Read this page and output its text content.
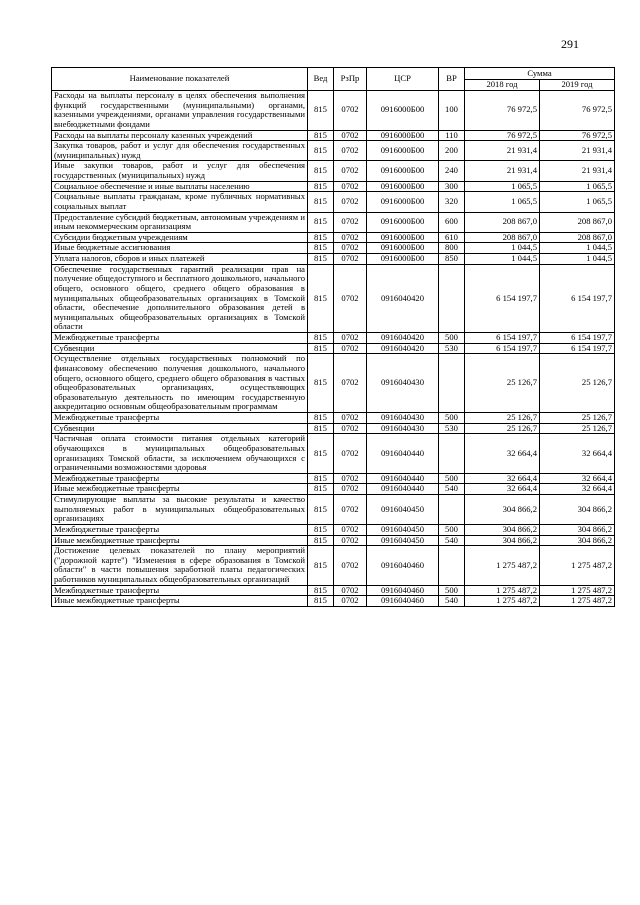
291
Наименование показателей	Вед	РзПр	ЦСР	ВР	Сумма	
					2018 год	2019 год
Расходы на выплаты персоналу в целях обеспечения выполнения функций государственными (муниципальными) органами, казенными учреждениями, органами управления государственными внебюджетными фондами	815	0702	0916000Б00	100	76 972,5	76 972,5
Расходы на выплаты персоналу казенных учреждений	815	0702	0916000Б00	110	76 972,5	76 972,5
Закупка товаров, работ и услуг для обеспечения государственных (муниципальных) нужд	815	0702	0916000Б00	200	21 931,4	21 931,4
Иные закупки товаров, работ и услуг для обеспечения государственных (муниципальных) нужд	815	0702	0916000Б00	240	21 931,4	21 931,4
Социальное обеспечение и иные выплаты населению	815	0702	0916000Б00	300	1 065,5	1 065,5
Социальные выплаты гражданам, кроме публичных нормативных социальных выплат	815	0702	0916000Б00	320	1 065,5	1 065,5
Предоставление субсидий бюджетным, автономным учреждениям и иным некоммерческим организациям	815	0702	0916000Б00	600	208 867,0	208 867,0
Субсидии бюджетным учреждениям	815	0702	0916000Б00	610	208 867,0	208 867,0
Иные бюджетные ассигнования	815	0702	0916000Б00	800	1 044,5	1 044,5
Уплата налогов, сборов и иных платежей	815	0702	0916000Б00	850	1 044,5	1 044,5
Обеспечение государственных гарантий реализации прав на получение общедоступного и бесплатного дошкольного, начального общего, основного общего, среднего общего образования в муниципальных общеобразовательных организациях в Томской области, обеспечение дополнительного образования детей в муниципальных общеобразовательных организациях в Томской области	815	0702	0916040420		6 154 197,7	6 154 197,7
Межбюджетные трансферты	815	0702	0916040420	500	6 154 197,7	6 154 197,7
Субвенции	815	0702	0916040420	530	6 154 197,7	6 154 197,7
Осуществление отдельных государственных полномочий по финансовому обеспечению получения дошкольного, начального общего, основного общего, среднего общего образования в частных общеобразовательных организациях, осуществляющих образовательную деятельность по имеющим государственную аккредитацию основным общеобразовательным программам	815	0702	0916040430		25 126,7	25 126,7
Межбюджетные трансферты	815	0702	0916040430	500	25 126,7	25 126,7
Субвенции	815	0702	0916040430	530	25 126,7	25 126,7
Частичная оплата стоимости питания отдельных категорий обучающихся в муниципальных общеобразовательных организациях Томской области, за исключением обучающихся с ограниченными возможностями здоровья	815	0702	0916040440		32 664,4	32 664,4
Межбюджетные трансферты	815	0702	0916040440	500	32 664,4	32 664,4
Иные межбюджетные трансферты	815	0702	0916040440	540	32 664,4	32 664,4
Стимулирующие выплаты за высокие результаты и качество выполняемых работ в муниципальных общеобразовательных организациях	815	0702	0916040450		304 866,2	304 866,2
Межбюджетные трансферты	815	0702	0916040450	500	304 866,2	304 866,2
Иные межбюджетные трансферты	815	0702	0916040450	540	304 866,2	304 866,2
Достижение целевых показателей по плану мероприятий ("дорожной карте") "Изменения в сфере образования в Томской области" в части повышения заработной платы педагогических работников муниципальных общеобразовательных организаций	815	0702	0916040460		1 275 487,2	1 275 487,2
Межбюджетные трансферты	815	0702	0916040460	500	1 275 487,2	1 275 487,2
Иные межбюджетные трансферты	815	0702	0916040460	540	1 275 487,2	1 275 487,2
